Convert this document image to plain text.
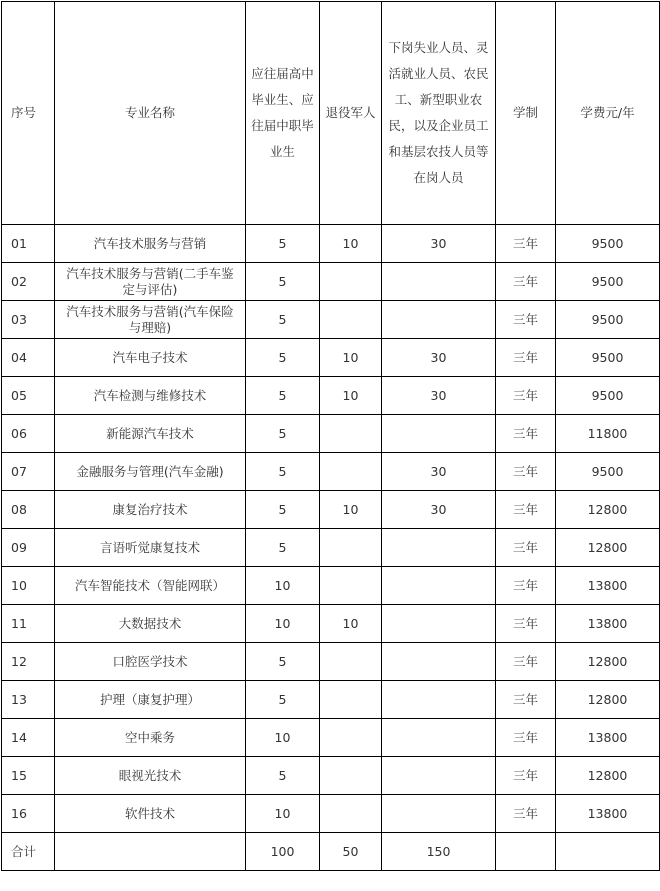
序号	专业名称	应往届高中毕业生、应往届中职毕业生	退役军人	下岗失业人员、灵活就业人员、农民工、新型职业农民，以及企业员工和基层农技人员等在岗人员	学制	学费元/年
01	汽车技术服务与营销	5	10	30	三年	9500
02	汽车技术服务与营销(二手车鉴定与评估)	5			三年	9500
03	汽车技术服务与营销(汽车保险与理赔)	5			三年	9500
04	汽车电子技术	5	10	30	三年	9500
05	汽车检测与维修技术	5	10	30	三年	9500
06	新能源汽车技术	5			三年	11800
07	金融服务与管理(汽车金融)	5		30	三年	9500
08	康复治疗技术	5	10	30	三年	12800
09	言语听觉康复技术	5			三年	12800
10	汽车智能技术（智能网联）	10			三年	13800
11	大数据技术	10	10		三年	13800
12	口腔医学技术	5			三年	12800
13	护理（康复护理）	5			三年	12800
14	空中乘务	10			三年	13800
15	眼视光技术	5			三年	12800
16	软件技术	10			三年	13800
合计		100	50	150		
